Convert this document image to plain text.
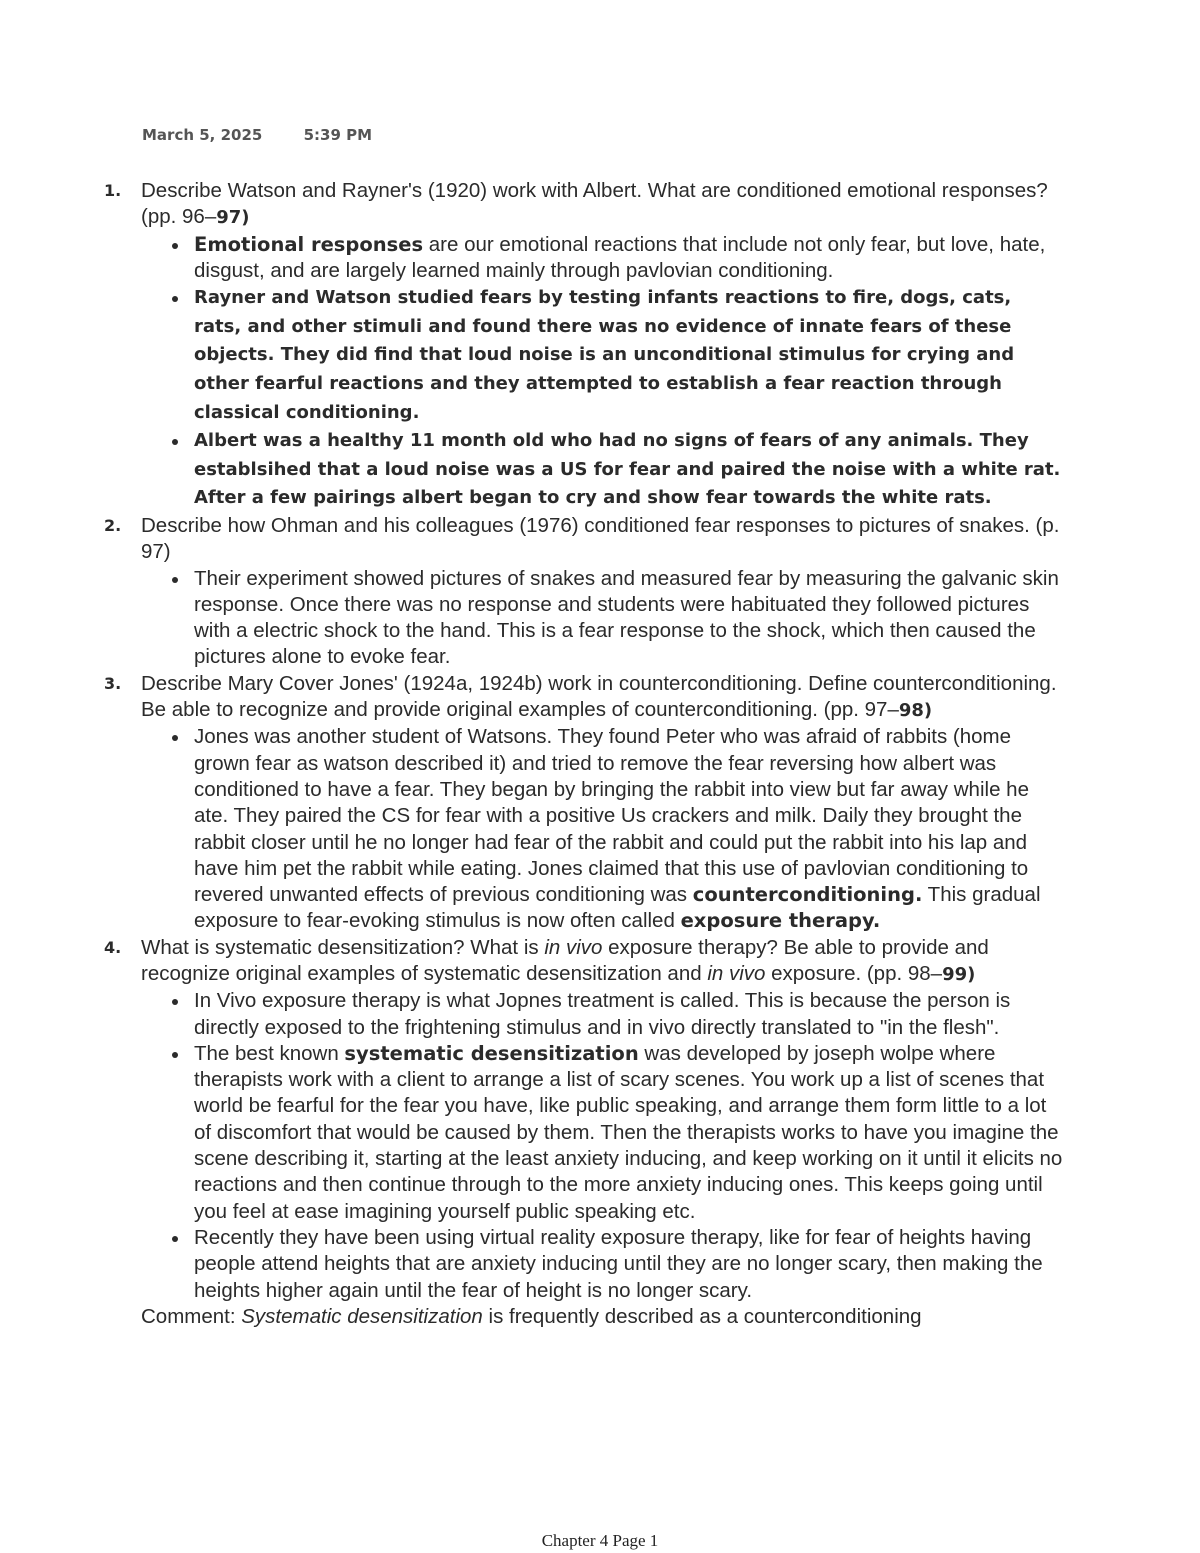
March 5, 2025	5:39 PM
1. Describe Watson and Rayner's (1920) work with Albert. What are conditioned emotional responses? (pp. 96–97)

Emotional responses are our emotional reactions that include not only fear, but love, hate, disgust, and are largely learned mainly through pavlovian conditioning.
Rayner and Watson studied fears by testing infants reactions to fire, dogs, cats, rats, and other stimuli and found there was no evidence of innate fears of these objects. They did find that loud noise is an unconditional stimulus for crying and other fearful reactions and they attempted to establish a fear reaction through classical conditioning.
Albert was a healthy 11 month old who had no signs of fears of any animals. They establsihed that a loud noise was a US for fear and paired the noise with a white rat. After a few pairings albert began to cry and show fear towards the white rats.
2. Describe how Ohman and his colleagues (1976) conditioned fear responses to pictures of snakes. (p. 97)

Their experiment showed pictures of snakes and measured fear by measuring the galvanic skin response. Once there was no response and students were habituated they followed pictures with a electric shock to the hand. This is a fear response to the shock, which then caused the pictures alone to evoke fear.
3. Describe Mary Cover Jones' (1924a, 1924b) work in counterconditioning. Define counterconditioning. Be able to recognize and provide original examples of counterconditioning. (pp. 97–98)

Jones was another student of Watsons. They found Peter who was afraid of rabbits (home grown fear as watson described it) and tried to remove the fear reversing how albert was conditioned to have a fear. They began by bringing the rabbit into view but far away while he ate. They paired the CS for fear with a positive Us crackers and milk. Daily they brought the rabbit closer until he no longer had fear of the rabbit and could put the rabbit into his lap and have him pet the rabbit while eating. Jones claimed that this use of pavlovian conditioning to revered unwanted effects of previous conditioning was counterconditioning. This gradual exposure to fear-evoking stimulus is now often called exposure therapy.
4. What is systematic desensitization? What is in vivo exposure therapy? Be able to provide and recognize original examples of systematic desensitization and in vivo exposure. (pp. 98–99)

In Vivo exposure therapy is what Jopnes treatment is called. This is because the person is directly exposed to the frightening stimulus and in vivo directly translated to "in the flesh".
The best known systematic desensitization was developed by joseph wolpe where therapists work with a client to arrange a list of scary scenes. You work up a list of scenes that world be fearful for the fear you have, like public speaking, and arrange them form little to a lot of discomfort that would be caused by them. Then the therapists works to have you imagine the scene describing it, starting at the least anxiety inducing, and keep working on it until it elicits no reactions and then continue through to the more anxiety inducing ones. This keeps going until you feel at ease imagining yourself public speaking etc.
Recently they have been using virtual reality exposure therapy, like for fear of heights having people attend heights that are anxiety inducing until they are no longer scary, then making the heights higher again until the fear of height is no longer scary.
Comment: Systematic desensitization is frequently described as a counterconditioning
Chapter 4 Page 1
